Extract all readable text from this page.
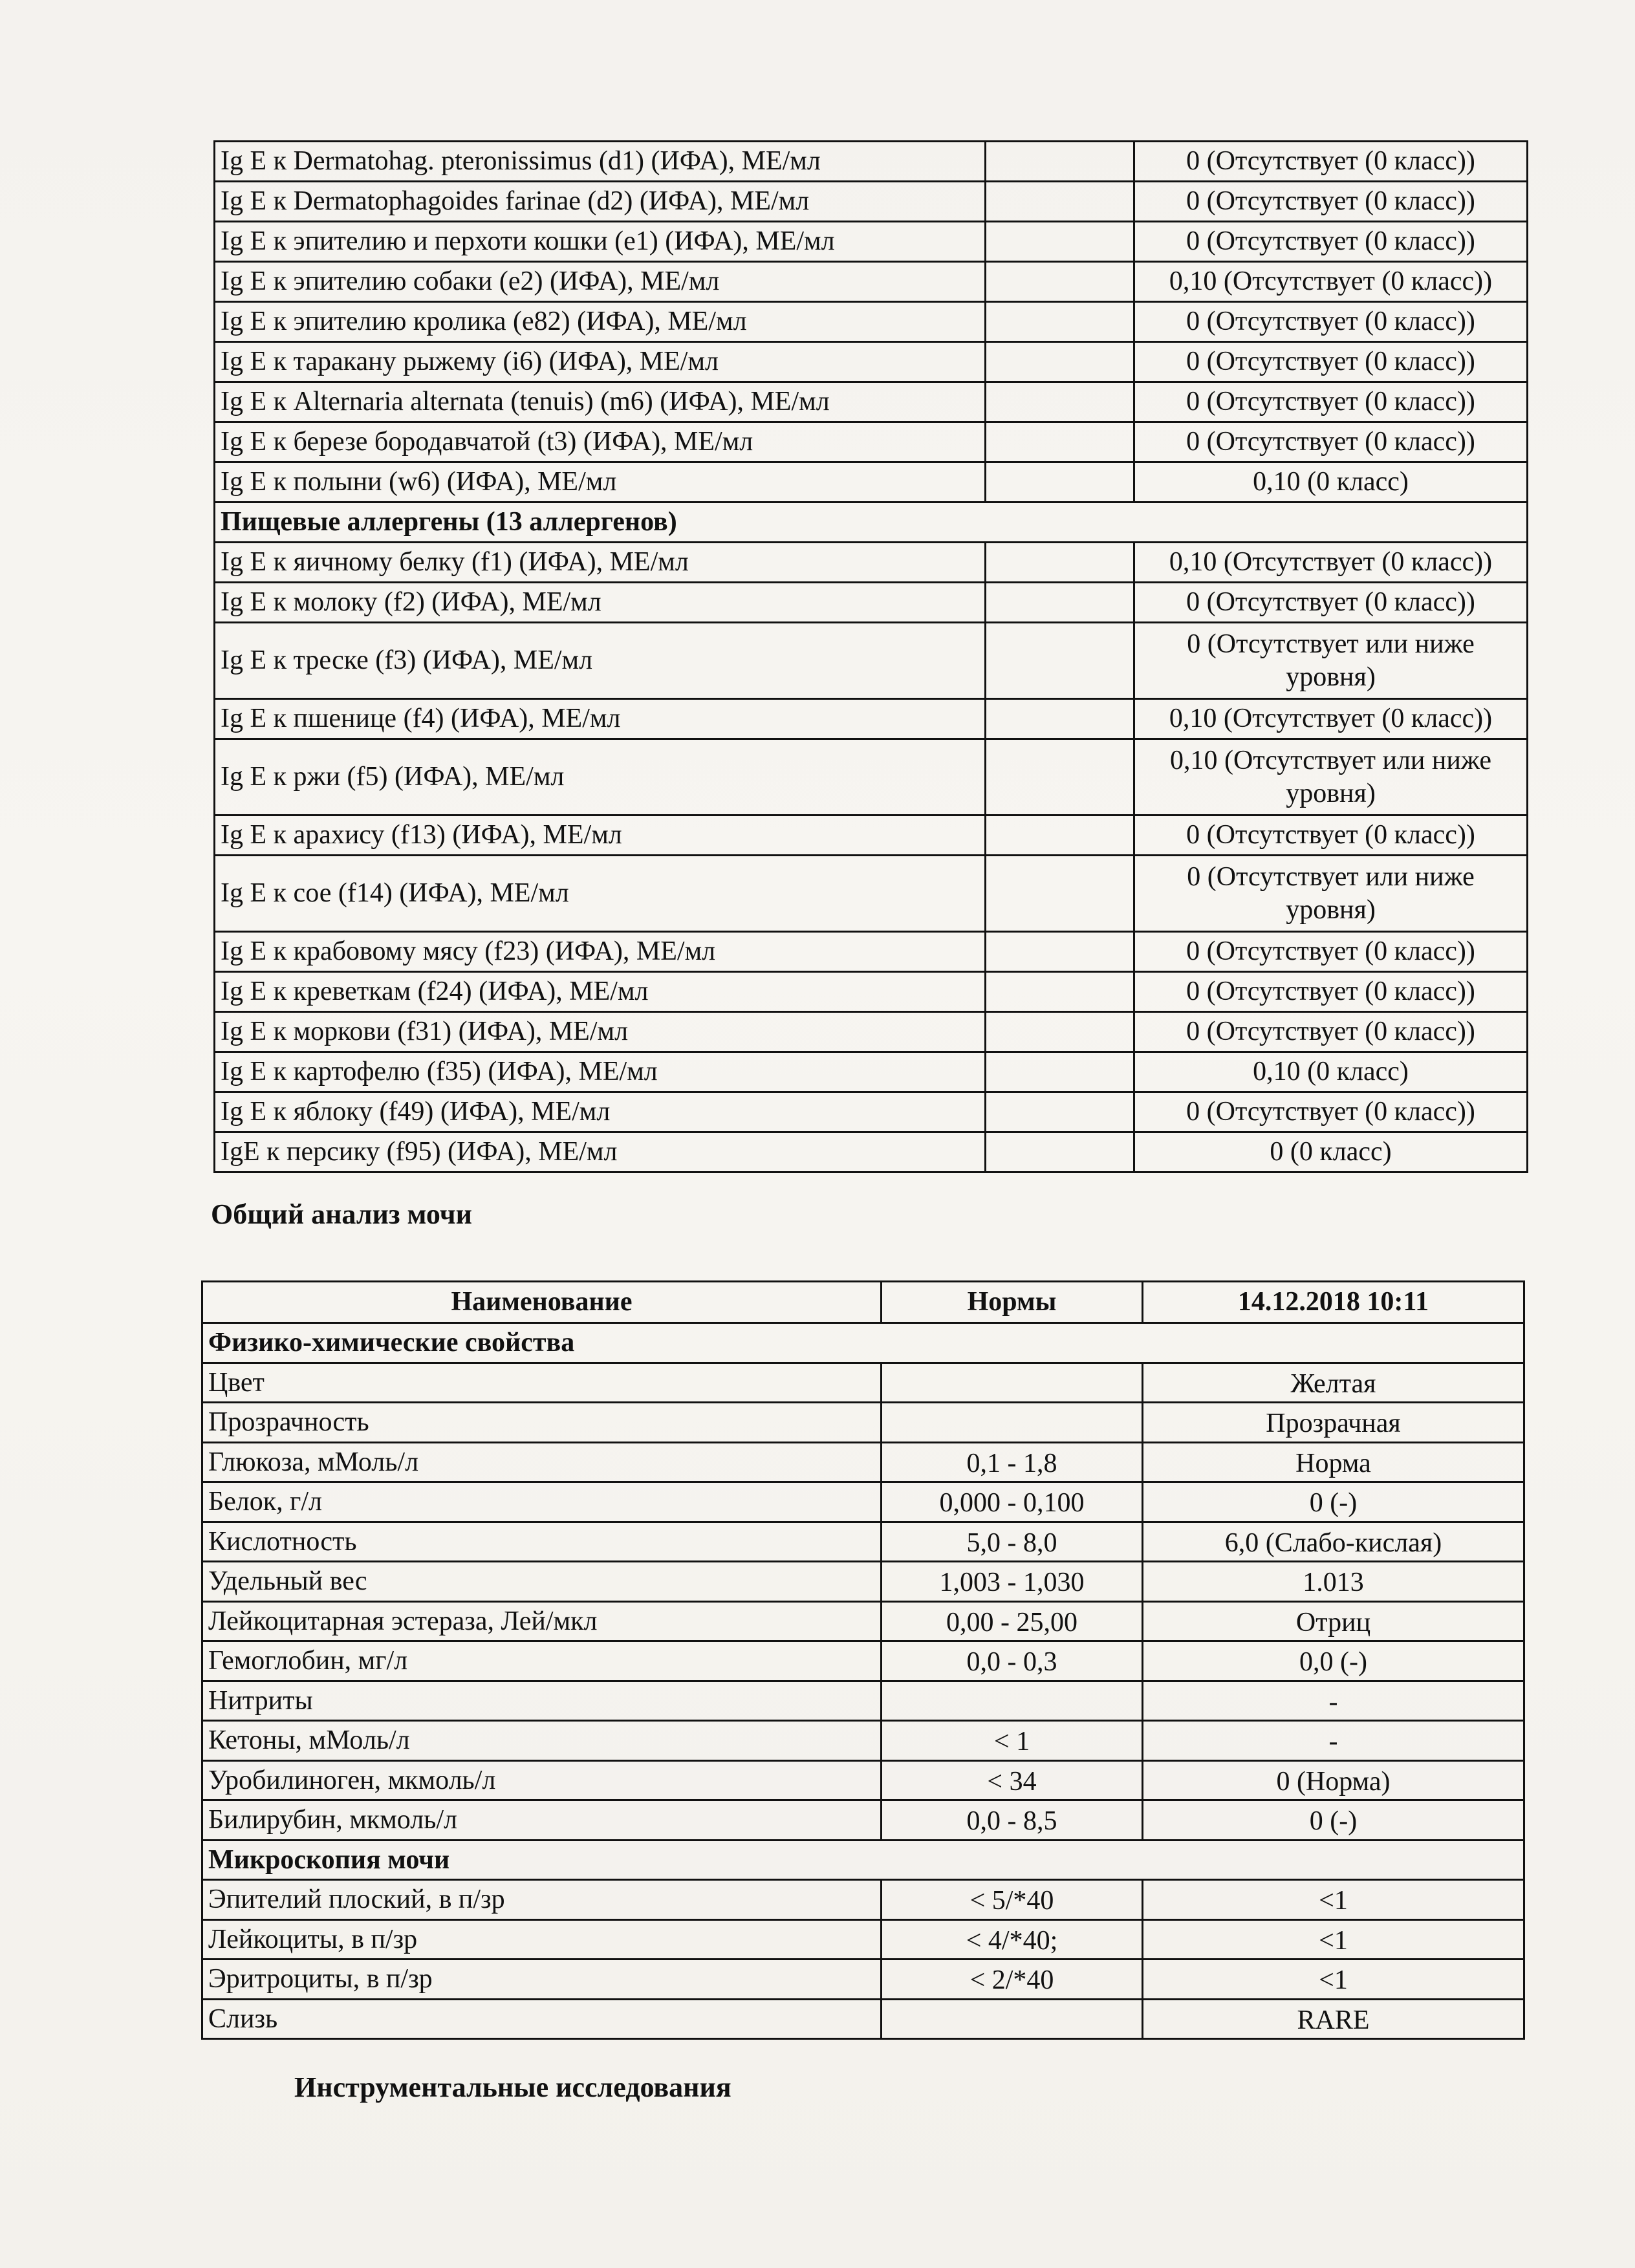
Ig E к Dermatohag. pteronissimus (d1) (ИФА), МЕ/мл		0 (Отсутствует (0 класс))
Ig E к Dermatophagoides farinae (d2) (ИФА), МЕ/мл		0 (Отсутствует (0 класс))
Ig E к эпителию и перхоти кошки (e1) (ИФА), МЕ/мл		0 (Отсутствует (0 класс))
Ig E к эпителию собаки (e2) (ИФА), МЕ/мл		0,10 (Отсутствует (0 класс))
Ig E к эпителию кролика (e82) (ИФА), МЕ/мл		0 (Отсутствует (0 класс))
Ig E к таракану рыжему (i6) (ИФА), МЕ/мл		0 (Отсутствует (0 класс))
Ig E к Alternaria alternata (tenuis) (m6) (ИФА), МЕ/мл		0 (Отсутствует (0 класс))
Ig E к березе бородавчатой (t3) (ИФА), МЕ/мл		0 (Отсутствует (0 класс))
Ig E к полыни (w6) (ИФА), МЕ/мл		0,10 (0 класс)
Пищевые аллергены (13 аллергенов)		
Ig E к яичному белку (f1) (ИФА), МЕ/мл		0,10 (Отсутствует (0 класс))
Ig E к молоку (f2) (ИФА), МЕ/мл		0 (Отсутствует (0 класс))
Ig E к треске (f3) (ИФА), МЕ/мл		0 (Отсутствует или ниже уровня)
Ig E к пшенице (f4) (ИФА), МЕ/мл		0,10 (Отсутствует (0 класс))
Ig E к ржи (f5) (ИФА), МЕ/мл		0,10 (Отсутствует или ниже уровня)
Ig E к арахису (f13) (ИФА), МЕ/мл		0 (Отсутствует (0 класс))
Ig E к сое (f14) (ИФА), МЕ/мл		0 (Отсутствует или ниже уровня)
Ig E к крабовому мясу (f23) (ИФА), МЕ/мл		0 (Отсутствует (0 класс))
Ig E к креветкам (f24) (ИФА), МЕ/мл		0 (Отсутствует (0 класс))
Ig E к моркови (f31) (ИФА), МЕ/мл		0 (Отсутствует (0 класс))
Ig E к картофелю (f35) (ИФА), МЕ/мл		0,10 (0 класс)
Ig E к яблоку (f49) (ИФА), МЕ/мл		0 (Отсутствует (0 класс))
IgE к персику (f95) (ИФА), МЕ/мл		0 (0 класс)
Общий анализ мочи
Наименование	Нормы	14.12.2018 10:11
Физико-химические свойства		
Цвет		Желтая
Прозрачность		Прозрачная
Глюкоза, мМоль/л	0,1 - 1,8	Норма
Белок, г/л	0,000 - 0,100	0 (-)
Кислотность	5,0 - 8,0	6,0 (Слабо-кислая)
Удельный вес	1,003 - 1,030	1.013
Лейкоцитарная эстераза, Лей/мкл	0,00 - 25,00	Отриц
Гемоглобин, мг/л	0,0 - 0,3	0,0 (-)
Нитриты		-
Кетоны, мМоль/л	< 1	-
Уробилиноген, мкмоль/л	< 34	0 (Норма)
Билирубин, мкмоль/л	0,0 - 8,5	0 (-)
Микроскопия мочи		
Эпителий плоский, в п/зр	< 5/*40	<1
Лейкоциты, в п/зр	< 4/*40;	<1
Эритроциты, в п/зр	< 2/*40	<1
Слизь		RARE
Инструментальные исследования
